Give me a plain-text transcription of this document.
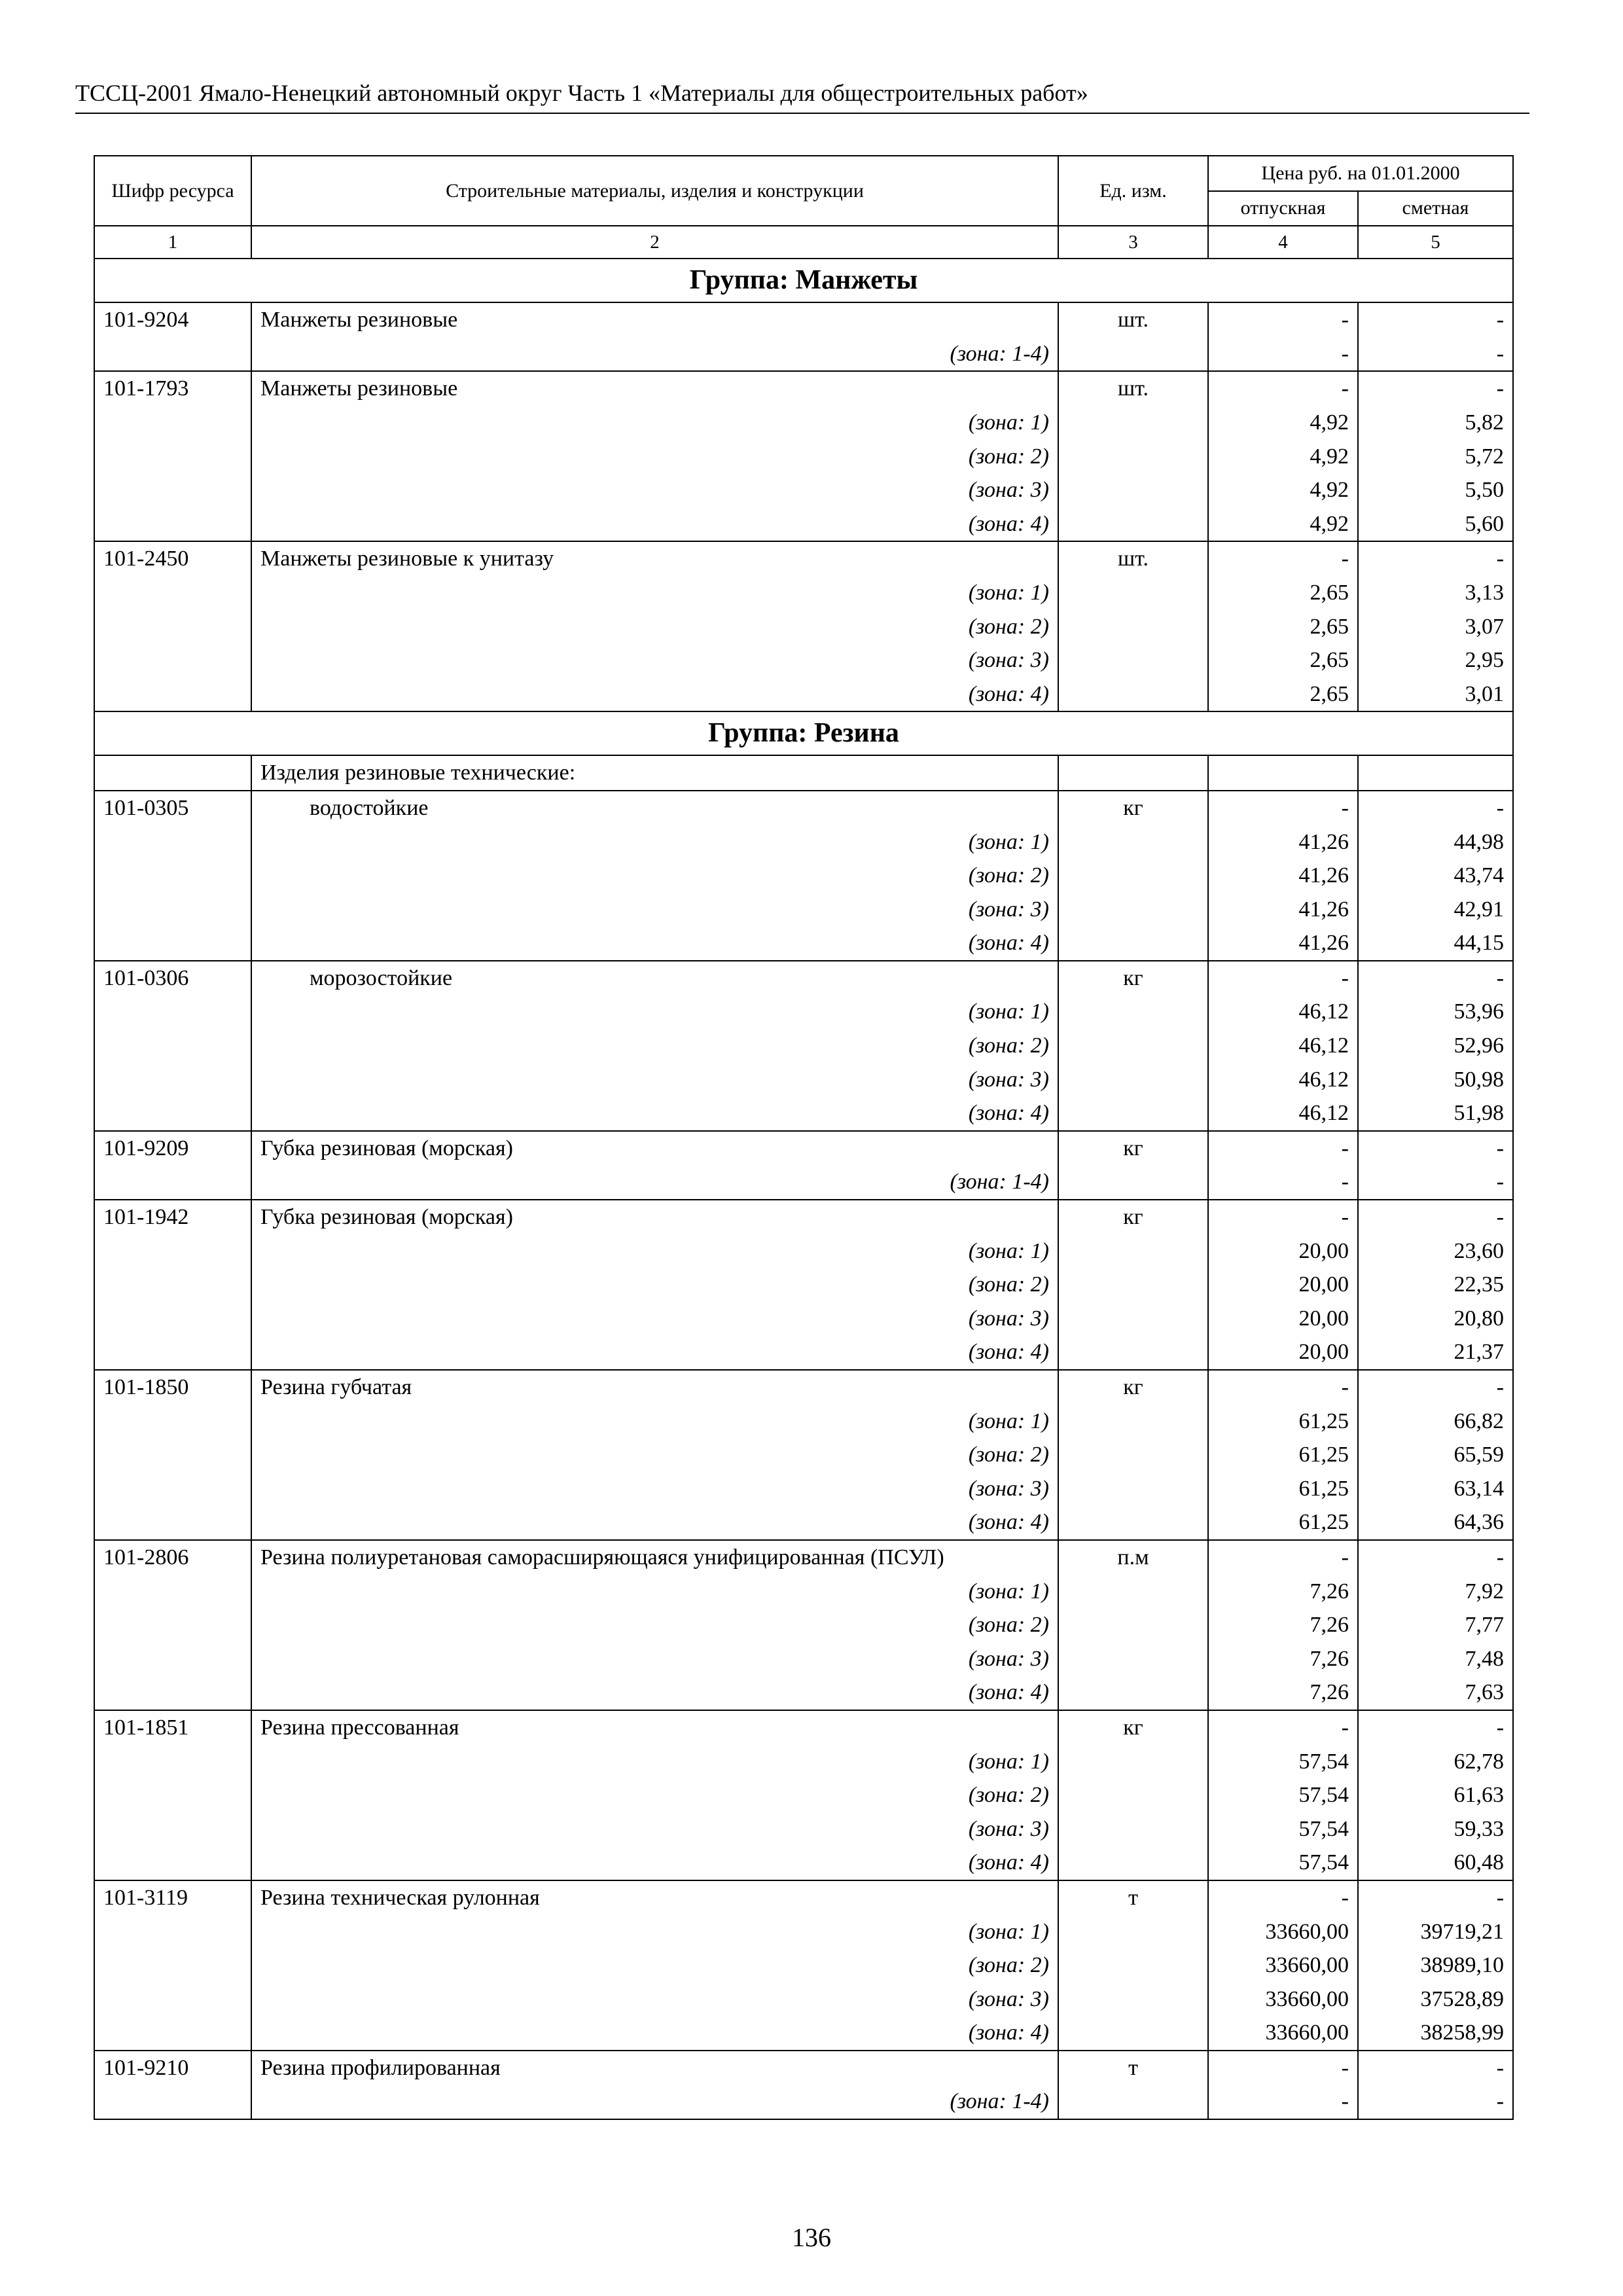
ТССЦ-2001 Ямало-Ненецкий автономный округ Часть 1 «Материалы для общестроительных работ»
Шифр ресурса	Строительные материалы, изделия и конструкции	Ед. изм.	Цена руб. на 01.01.2000	
			отпускная	сметная
1	2	3	4	5
Группа: Манжеты				
101-9204	Манжеты резиновые	шт.	-	-
	(зона: 1-4)		-	-
101-1793	Манжеты резиновые	шт.	-	-
	(зона: 1)		4,92	5,82
	(зона: 2)		4,92	5,72
	(зона: 3)		4,92	5,50
	(зона: 4)		4,92	5,60
101-2450	Манжеты резиновые к унитазу	шт.	-	-
	(зона: 1)		2,65	3,13
	(зона: 2)		2,65	3,07
	(зона: 3)		2,65	2,95
	(зона: 4)		2,65	3,01
Группа: Резина				
	Изделия резиновые технические:			
101-0305	водостойкие	кг	-	-
	(зона: 1)		41,26	44,98
	(зона: 2)		41,26	43,74
	(зона: 3)		41,26	42,91
	(зона: 4)		41,26	44,15
101-0306	морозостойкие	кг	-	-
	(зона: 1)		46,12	53,96
	(зона: 2)		46,12	52,96
	(зона: 3)		46,12	50,98
	(зона: 4)		46,12	51,98
101-9209	Губка резиновая (морская)	кг	-	-
	(зона: 1-4)		-	-
101-1942	Губка резиновая (морская)	кг	-	-
	(зона: 1)		20,00	23,60
	(зона: 2)		20,00	22,35
	(зона: 3)		20,00	20,80
	(зона: 4)		20,00	21,37
101-1850	Резина губчатая	кг	-	-
	(зона: 1)		61,25	66,82
	(зона: 2)		61,25	65,59
	(зона: 3)		61,25	63,14
	(зона: 4)		61,25	64,36
101-2806	Резина полиуретановая саморасширяющаяся унифицированная (ПСУЛ)	п.м	-	-
	(зона: 1)		7,26	7,92
	(зона: 2)		7,26	7,77
	(зона: 3)		7,26	7,48
	(зона: 4)		7,26	7,63
101-1851	Резина прессованная	кг	-	-
	(зона: 1)		57,54	62,78
	(зона: 2)		57,54	61,63
	(зона: 3)		57,54	59,33
	(зона: 4)		57,54	60,48
101-3119	Резина техническая рулонная	т	-	-
	(зона: 1)		33660,00	39719,21
	(зона: 2)		33660,00	38989,10
	(зона: 3)		33660,00	37528,89
	(зона: 4)		33660,00	38258,99
101-9210	Резина профилированная	т	-	-
	(зона: 1-4)		-	-
136
